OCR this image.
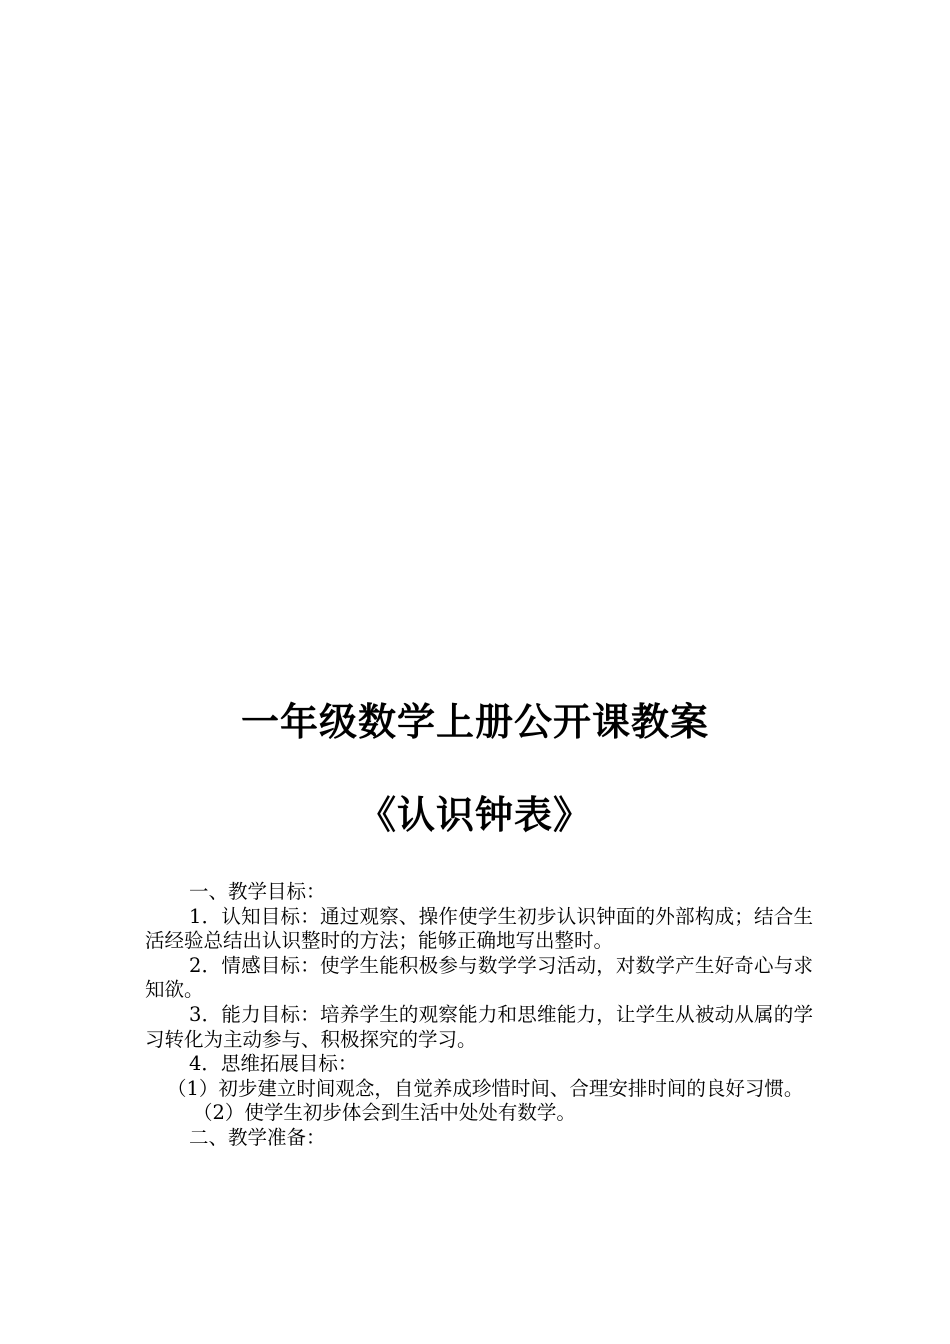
一年级数学上册公开课教案
《认识钟表》

一、教学目标：

1．认知目标：通过观察、操作使学生初步认识钟面的外部构成；结合生活经验总结出认识整时的方法；能够正确地写出整时。

2．情感目标：使学生能积极参与数学学习活动，对数学产生好奇心与求知欲。

3．能力目标：培养学生的观察能力和思维能力，让学生从被动从属的学习转化为主动参与、积极探究的学习。

4．思维拓展目标：

（1）初步建立时间观念，自觉养成珍惜时间、合理安排时间的良好习惯。

（2）使学生初步体会到生活中处处有数学。

二、教学准备：
